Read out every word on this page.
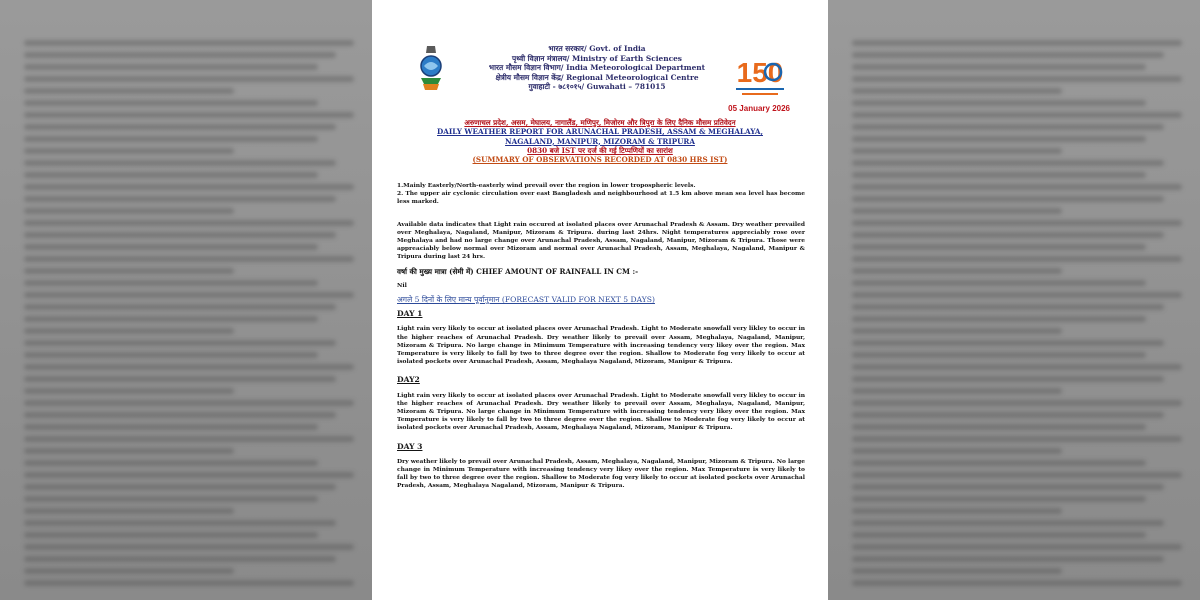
भारत सरकार/ Govt. of India
पृथ्वी विज्ञान मंत्रालय/ Ministry of Earth Sciences
भारत मौसम विज्ञान विभाग/ India Meteorological Department
क्षेत्रीय मौसम विज्ञान केंद्र/ Regional Meteorological Centre
गुवाहाटी - ७८१०१५/ Guwahati – 781015	150
05 January 2026
अरुणाचल प्रदेश, असम, मेघालय, नागालैंड, मणिपुर, मिजोरम और त्रिपुरा के लिए दैनिक मौसम प्रतिवेदन
DAILY WEATHER REPORT FOR ARUNACHAL PRADESH, ASSAM & MEGHALAYA,
NAGALAND, MANIPUR, MIZORAM & TRIPURA
0830 बजे IST पर दर्ज की गई टिप्पणियों का सारांश
(SUMMARY OF OBSERVATIONS RECORDED AT 0830 HRS IST)
1.Mainly Easterly/North-easterly wind prevail over the region in lower tropospheric levels.
2. The upper air cyclonic circulation over east Bangladesh and neighbourhood at 1.5 km above mean sea level has become less marked.
Available data indicates that Light rain occured at isolated places over Arunachal Pradesh & Assam. Dry weather prevailed over Meghalaya, Nagaland, Manipur, Mizoram & Tripura. during last 24hrs. Night temperatures appreciably rose over Meghalaya and had no large change over Arunachal Pradesh, Assam, Nagaland, Manipur, Mizoram & Tripura. Those were appreaciably below normal over Mizoram and normal over Arunachal Pradesh, Assam, Meghalaya, Nagaland, Manipur & Tripura during last 24 hrs.
वर्षा की मुख्य मात्रा (सेमी में) CHIEF AMOUNT OF RAINFALL IN CM :-
Nil
अगले 5 दिनों के लिए मान्य पूर्वानुमान (FORECAST VALID FOR NEXT 5 DAYS)
DAY 1
Light rain very likely to occur at isolated places over Arunachal Pradesh. Light to Moderate snowfall very likley to occur in the higher reaches of Arunachal Pradesh. Dry weather likely to prevail over Assam, Meghalaya, Nagaland, Manipur, Mizoram & Tripura. No large change in Minimum Temperature with increasing tendency very likey over the region. Max Temperature is very likely to fall by two to three degree over the region. Shallow to Moderate fog very likely to occur at isolated pockets over Arunachal Pradesh, Assam, Meghalaya Nagaland, Mizoram, Manipur & Tripura.
DAY2
Light rain very likely to occur at isolated places over Arunachal Pradesh. Light to Moderate snowfall very likley to occur in the higher reaches of Arunachal Pradesh. Dry weather likely to prevail over Assam, Meghalaya, Nagaland, Manipur, Mizoram & Tripura. No large change in Minimum Temperature with increasing tendency very likey over the region. Max Temperature is very likely to fall by two to three degree over the region. Shallow to Moderate fog very likely to occur at isolated pockets over Arunachal Pradesh, Assam, Meghalaya Nagaland, Mizoram, Manipur & Tripura.
DAY 3
Dry weather likely to prevail over Arunachal Pradesh, Assam, Meghalaya, Nagaland, Manipur, Mizoram & Tripura. No large change in Minimum Temperature with increasing tendency very likey over the region. Max Temperature is very likely to fall by two to three degree over the region. Shallow to Moderate fog very likely to occur at isolated pockets over Arunachal Pradesh, Assam, Meghalaya Nagaland, Mizoram, Manipur & Tripura.
